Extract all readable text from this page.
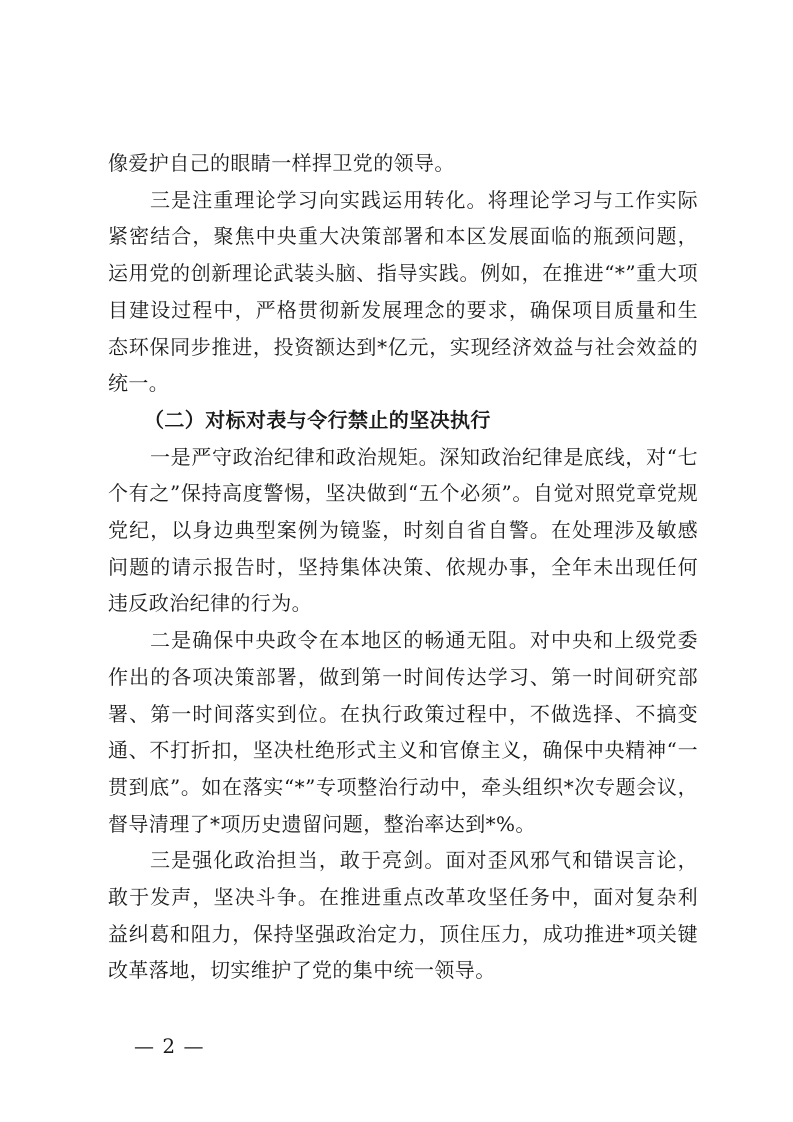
像爱护自己的眼睛一样捍卫党的领导。

三是注重理论学习向实践运用转化。将理论学习与工作实际紧密结合，聚焦中央重大决策部署和本区发展面临的瓶颈问题，运用党的创新理论武装头脑、指导实践。例如，在推进“*”重大项目建设过程中，严格贯彻新发展理念的要求，确保项目质量和生态环保同步推进，投资额达到*亿元，实现经济效益与社会效益的统一。

（二）对标对表与令行禁止的坚决执行

一是严守政治纪律和政治规矩。深知政治纪律是底线，对“七个有之”保持高度警惕，坚决做到“五个必须”。自觉对照党章党规党纪，以身边典型案例为镜鉴，时刻自省自警。在处理涉及敏感问题的请示报告时，坚持集体决策、依规办事，全年未出现任何违反政治纪律的行为。

二是确保中央政令在本地区的畅通无阻。对中央和上级党委作出的各项决策部署，做到第一时间传达学习、第一时间研究部署、第一时间落实到位。在执行政策过程中，不做选择、不搞变通、不打折扣，坚决杜绝形式主义和官僚主义，确保中央精神“一贯到底”。如在落实“*”专项整治行动中，牵头组织*次专题会议，督导清理了*项历史遗留问题，整治率达到*%。

三是强化政治担当，敢于亮剑。面对歪风邪气和错误言论，敢于发声，坚决斗争。在推进重点改革攻坚任务中，面对复杂利益纠葛和阻力，保持坚强政治定力，顶住压力，成功推进*项关键改革落地，切实维护了党的集中统一领导。

— 2 —
